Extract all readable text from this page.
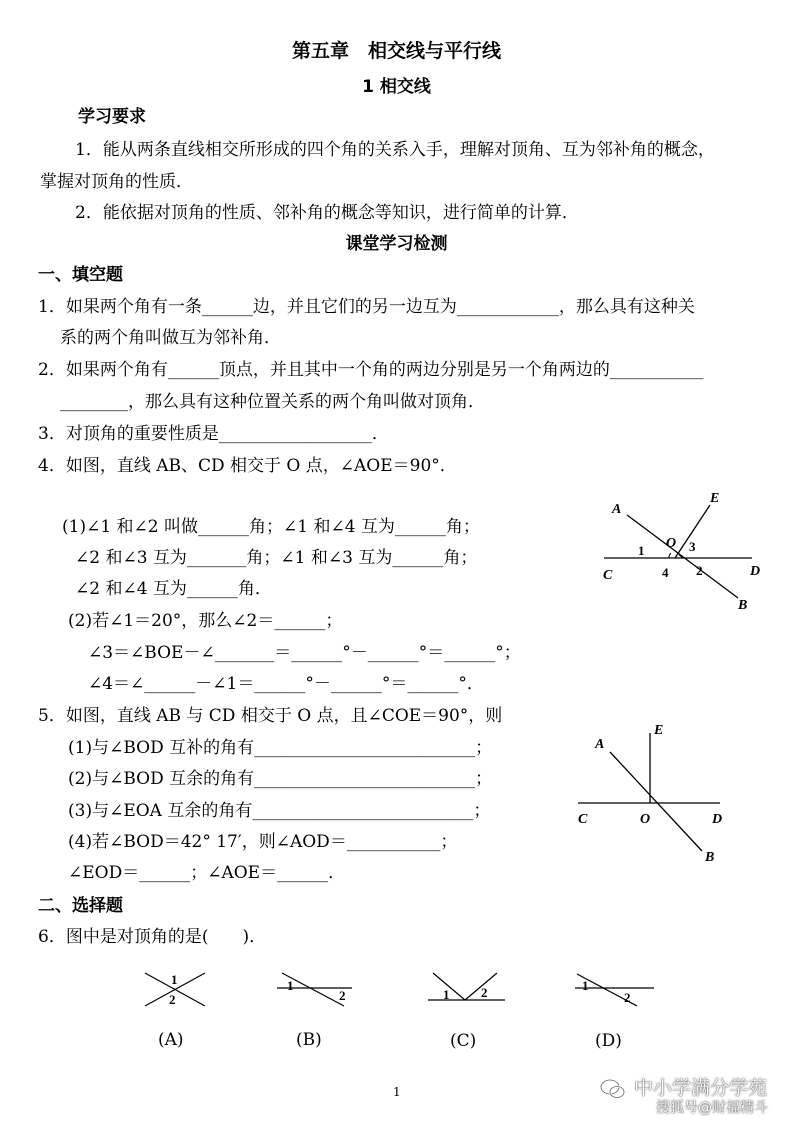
第五章　相交线与平行线
1 相交线
学习要求
1．能从两条直线相交所形成的四个角的关系入手，理解对顶角、互为邻补角的概念，
掌握对顶角的性质．
2．能依据对顶角的性质、邻补角的概念等知识，进行简单的计算．
课堂学习检测
一、填空题
1．如果两个角有一条______边，并且它们的另一边互为____________，那么具有这种关
系的两个角叫做互为邻补角．
2．如果两个角有______顶点，并且其中一个角的两边分别是另一个角两边的___________
________，那么具有这种位置关系的两个角叫做对顶角．
3．对顶角的重要性质是__________________．
4．如图，直线 AB、CD 相交于 O 点，∠AOE＝90°．
(1)∠1 和∠2 叫做______角；∠1 和∠4 互为______角；
∠2 和∠3 互为_______角；∠1 和∠3 互为______角；
∠2 和∠4 互为______角．
(2)若∠1＝20°，那么∠2＝______；
∠3＝∠BOE－∠_______＝______°－______°＝______°；
∠4＝∠______－∠1＝______°－______°＝______°．
A
E
O
C	D
B
1	3
4 2
5．如图，直线 AB 与 CD 相交于 O 点，且∠COE＝90°，则
(1)与∠BOD 互补的角有__________________________；
(2)与∠BOD 互余的角有__________________________；
(3)与∠EOA 互余的角有__________________________；
(4)若∠BOD＝42° 17′，则∠AOD＝___________；
∠EOD＝______；∠AOE＝______．
A
E
O
C	D
B
二、选择题
6．图中是对顶角的是(　　)．
1
2
1
2	1 2	1
2
(A)	(B)	(C)	(D)
1	中小学满分学苑
搜狐号@财福精斗
